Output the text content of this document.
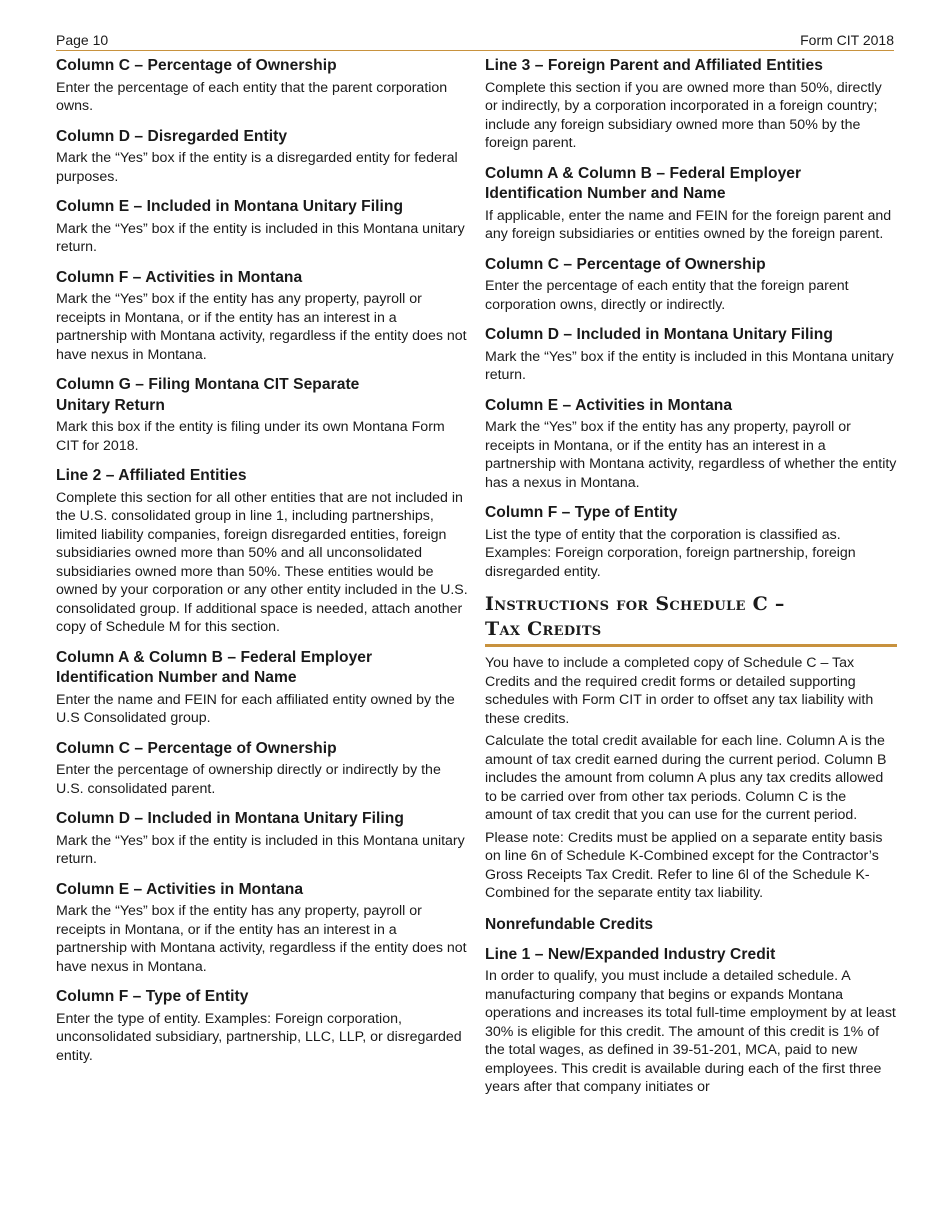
Page 10	Form CIT 2018
Column C – Percentage of Ownership

Enter the percentage of each entity that the parent corporation owns.

Column D – Disregarded Entity

Mark the “Yes” box if the entity is a disregarded entity for federal purposes.

Column E – Included in Montana Unitary Filing

Mark the “Yes” box if the entity is included in this Montana unitary return.

Column F – Activities in Montana

Mark the “Yes” box if the entity has any property, payroll or receipts in Montana, or if the entity has an interest in a partnership with Montana activity, regardless if the entity does not have nexus in Montana.

Column G – Filing Montana CIT Separate Unitary Return

Mark this box if the entity is filing under its own Montana Form CIT for 2018.

Line 2 – Affiliated Entities

Complete this section for all other entities that are not included in the U.S. consolidated group in line 1, including partnerships, limited liability companies, foreign disregarded entities, foreign subsidiaries owned more than 50% and all unconsolidated subsidiaries owned more than 50%. These entities would be owned by your corporation or any other entity included in the U.S. consolidated group. If additional space is needed, attach another copy of Schedule M for this section.

Column A & Column B – Federal Employer Identification Number and Name

Enter the name and FEIN for each affiliated entity owned by the U.S Consolidated group.

Column C – Percentage of Ownership

Enter the percentage of ownership directly or indirectly by the U.S. consolidated parent.

Column D – Included in Montana Unitary Filing

Mark the “Yes” box if the entity is included in this Montana unitary return.

Column E – Activities in Montana

Mark the “Yes” box if the entity has any property, payroll or receipts in Montana, or if the entity has an interest in a partnership with Montana activity, regardless if the entity does not have nexus in Montana.

Column F – Type of Entity

Enter the type of entity. Examples: Foreign corporation, unconsolidated subsidiary, partnership, LLC, LLP, or disregarded entity.

Line 3 – Foreign Parent and Affiliated Entities

Complete this section if you are owned more than 50%, directly or indirectly, by a corporation incorporated in a foreign country; include any foreign subsidiary owned more than 50% by the foreign parent.

Column A & Column B – Federal Employer Identification Number and Name

If applicable, enter the name and FEIN for the foreign parent and any foreign subsidiaries or entities owned by the foreign parent.

Column C – Percentage of Ownership

Enter the percentage of each entity that the foreign parent corporation owns, directly or indirectly.

Column D – Included in Montana Unitary Filing

Mark the “Yes” box if the entity is included in this Montana unitary return.

Column E – Activities in Montana

Mark the “Yes” box if the entity has any property, payroll or receipts in Montana, or if the entity has an interest in a partnership with Montana activity, regardless of whether the entity has a nexus in Montana.

Column F – Type of Entity

List the type of entity that the corporation is classified as. Examples: Foreign corporation, foreign partnership, foreign disregarded entity.

Instructions for Schedule C –
Tax Credits

You have to include a completed copy of Schedule C – Tax Credits and the required credit forms or detailed supporting schedules with Form CIT in order to offset any tax liability with these credits.

Calculate the total credit available for each line. Column A is the amount of tax credit earned during the current period. Column B includes the amount from column A plus any tax credits allowed to be carried over from other tax periods. Column C is the amount of tax credit that you can use for the current period.

Please note: Credits must be applied on a separate entity basis on line 6n of Schedule K-Combined except for the Contractor’s Gross Receipts Tax Credit. Refer to line 6l of the Schedule K-Combined for the separate entity tax liability.

Nonrefundable Credits
Line 1 – New/Expanded Industry Credit

In order to qualify, you must include a detailed schedule. A manufacturing company that begins or expands Montana operations and increases its total full-time employment by at least 30% is eligible for this credit. The amount of this credit is 1% of the total wages, as defined in 39-51-201, MCA, paid to new employees. This credit is available during each of the first three years after that company initiates or
